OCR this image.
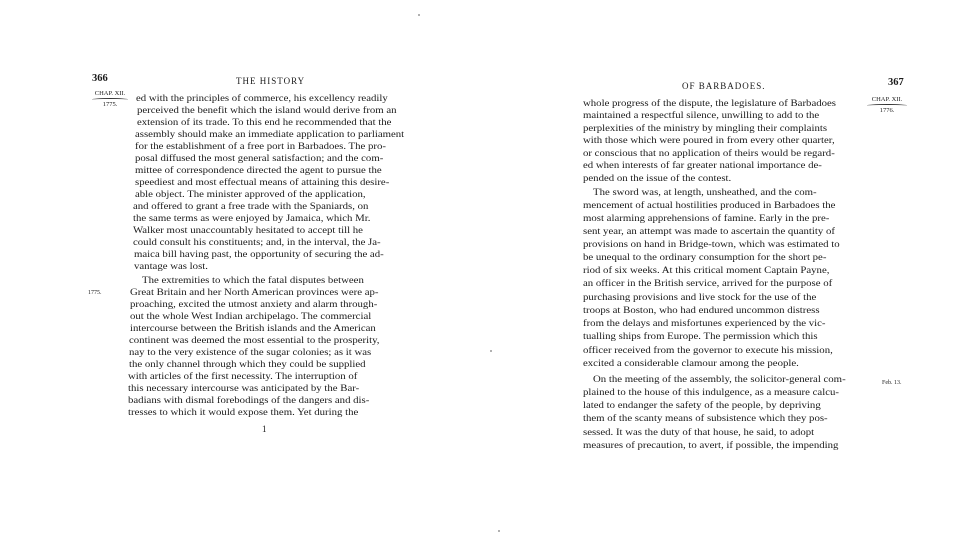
366	THE HISTORY
CHAP. XII.
1775.
1775.
ed with the principles of commerce, his excellency readily
perceived the benefit which the island would derive from an
extension of its trade. To this end he recommended that the
assembly should make an immediate application to parliament
for the establishment of a free port in Barbadoes. The pro-
posal diffused the most general satisfaction; and the com-
mittee of correspondence directed the agent to pursue the
speediest and most effectual means of attaining this desire-
able object. The minister approved of the application,
and offered to grant a free trade with the Spaniards, on
the same terms as were enjoyed by Jamaica, which Mr.
Walker most unaccountably hesitated to accept till he
could consult his constituents; and, in the interval, the Ja-
maica bill having past, the opportunity of securing the ad-
vantage was lost.
The extremities to which the fatal disputes between
Great Britain and her North American provinces were ap-
proaching, excited the utmost anxiety and alarm through-
out the whole West Indian archipelago. The commercial
intercourse between the British islands and the American
continent was deemed the most essential to the prosperity,
nay to the very existence of the sugar colonies; as it was
the only channel through which they could be supplied
with articles of the first necessity. The interruption of
this necessary intercourse was anticipated by the Bar-
badians with dismal forebodings of the dangers and dis-
tresses to which it would expose them. Yet during the
1
OF BARBADOES.	367
CHAP. XII.
1776.
Feb. 13.
whole progress of the dispute, the legislature of Barbadoes
maintained a respectful silence, unwilling to add to the
perplexities of the ministry by mingling their complaints
with those which were poured in from every other quarter,
or conscious that no application of theirs would be regard-
ed when interests of far greater national importance de-
pended on the issue of the contest.
The sword was, at length, unsheathed, and the com-
mencement of actual hostilities produced in Barbadoes the
most alarming apprehensions of famine. Early in the pre-
sent year, an attempt was made to ascertain the quantity of
provisions on hand in Bridge-town, which was estimated to
be unequal to the ordinary consumption for the short pe-
riod of six weeks. At this critical moment Captain Payne,
an officer in the British service, arrived for the purpose of
purchasing provisions and live stock for the use of the
troops at Boston, who had endured uncommon distress
from the delays and misfortunes experienced by the vic-
tualling ships from Europe. The permission which this
officer received from the governor to execute his mission,
excited a considerable clamour among the people.
On the meeting of the assembly, the solicitor-general com-
plained to the house of this indulgence, as a measure calcu-
lated to endanger the safety of the people, by depriving
them of the scanty means of subsistence which they pos-
sessed. It was the duty of that house, he said, to adopt
measures of precaution, to avert, if possible, the impending
